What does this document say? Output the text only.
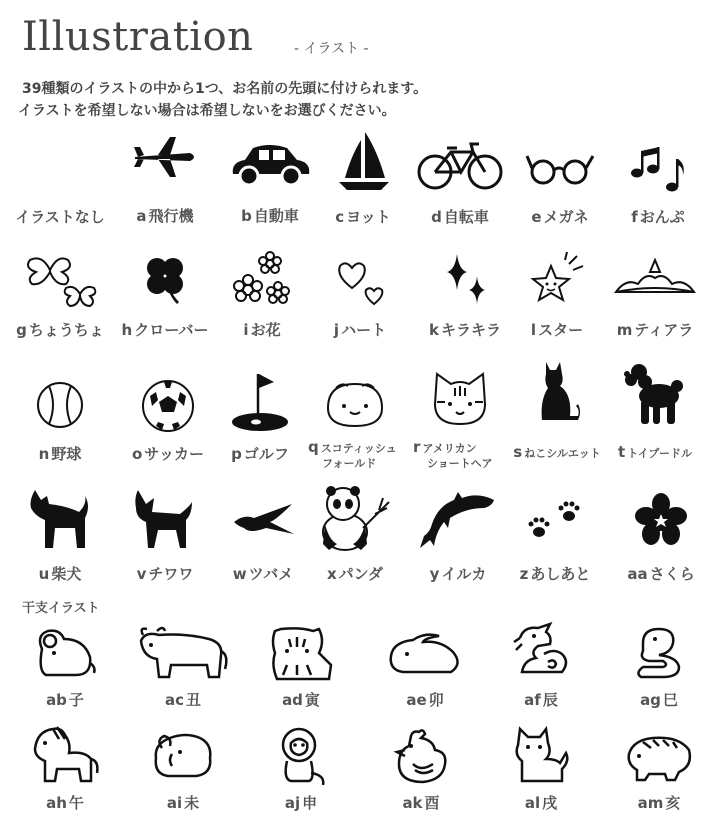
Illustration	- イラスト -
39種類のイラストの中から1つ、お名前の先頭に付けられます。
イラストを希望しない場合は希望しないをお選びください。
イラストなし	a 飛行機	b 自動車	c ヨット	d 自転車	e メガネ	f おんぷ
g ちょうちょ	h クローバー	i お花	j ハート	k キラキラ	l スター	m ティアラ
n 野球	o サッカー	p ゴルフ	q スコティッシュ
フォールド
r アメリカン
ショートヘア
s ねこシルエット	t トイプードル
u 柴犬	v チワワ	w ツバメ	x パンダ	y イルカ	z あしあと	aa さくら
干支イラスト
ab 子	ac 丑	ad 寅	ae 卯	af 辰	ag 巳
ah 午	ai 未	aj 申	ak 酉	al 戌	am 亥
